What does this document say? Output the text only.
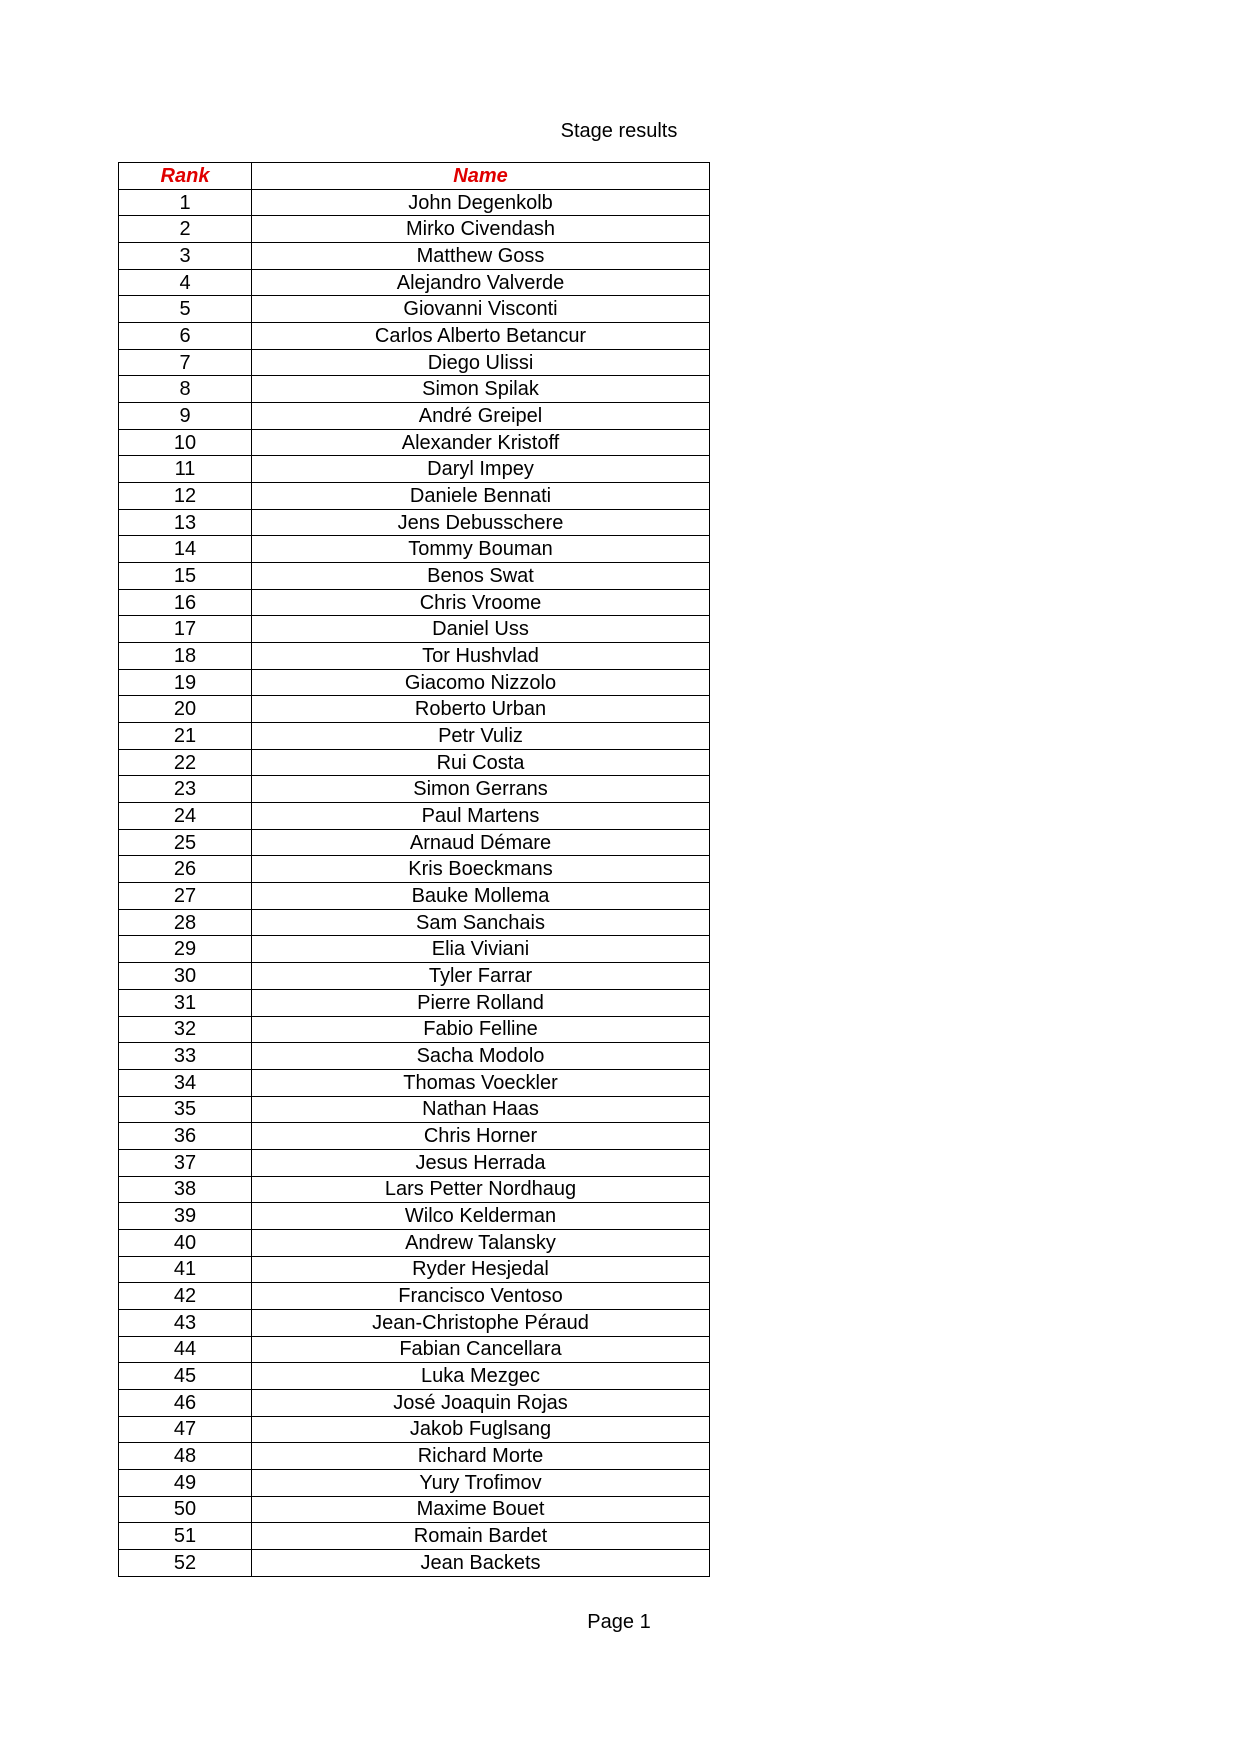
Stage results
Rank	Name
1	John Degenkolb
2	Mirko Civendash
3	Matthew Goss
4	Alejandro Valverde
5	Giovanni Visconti
6	Carlos Alberto Betancur
7	Diego Ulissi
8	Simon Spilak
9	André Greipel
10	Alexander Kristoff
11	Daryl Impey
12	Daniele Bennati
13	Jens Debusschere
14	Tommy Bouman
15	Benos Swat
16	Chris Vroome
17	Daniel Uss
18	Tor Hushvlad
19	Giacomo Nizzolo
20	Roberto Urban
21	Petr Vuliz
22	Rui Costa
23	Simon Gerrans
24	Paul Martens
25	Arnaud Démare
26	Kris Boeckmans
27	Bauke Mollema
28	Sam Sanchais
29	Elia Viviani
30	Tyler Farrar
31	Pierre Rolland
32	Fabio Felline
33	Sacha Modolo
34	Thomas Voeckler
35	Nathan Haas
36	Chris Horner
37	Jesus Herrada
38	Lars Petter Nordhaug
39	Wilco Kelderman
40	Andrew Talansky
41	Ryder Hesjedal
42	Francisco Ventoso
43	Jean-Christophe Péraud
44	Fabian Cancellara
45	Luka Mezgec
46	José Joaquin Rojas
47	Jakob Fuglsang
48	Richard Morte
49	Yury Trofimov
50	Maxime Bouet
51	Romain Bardet
52	Jean Backets
Page 1
